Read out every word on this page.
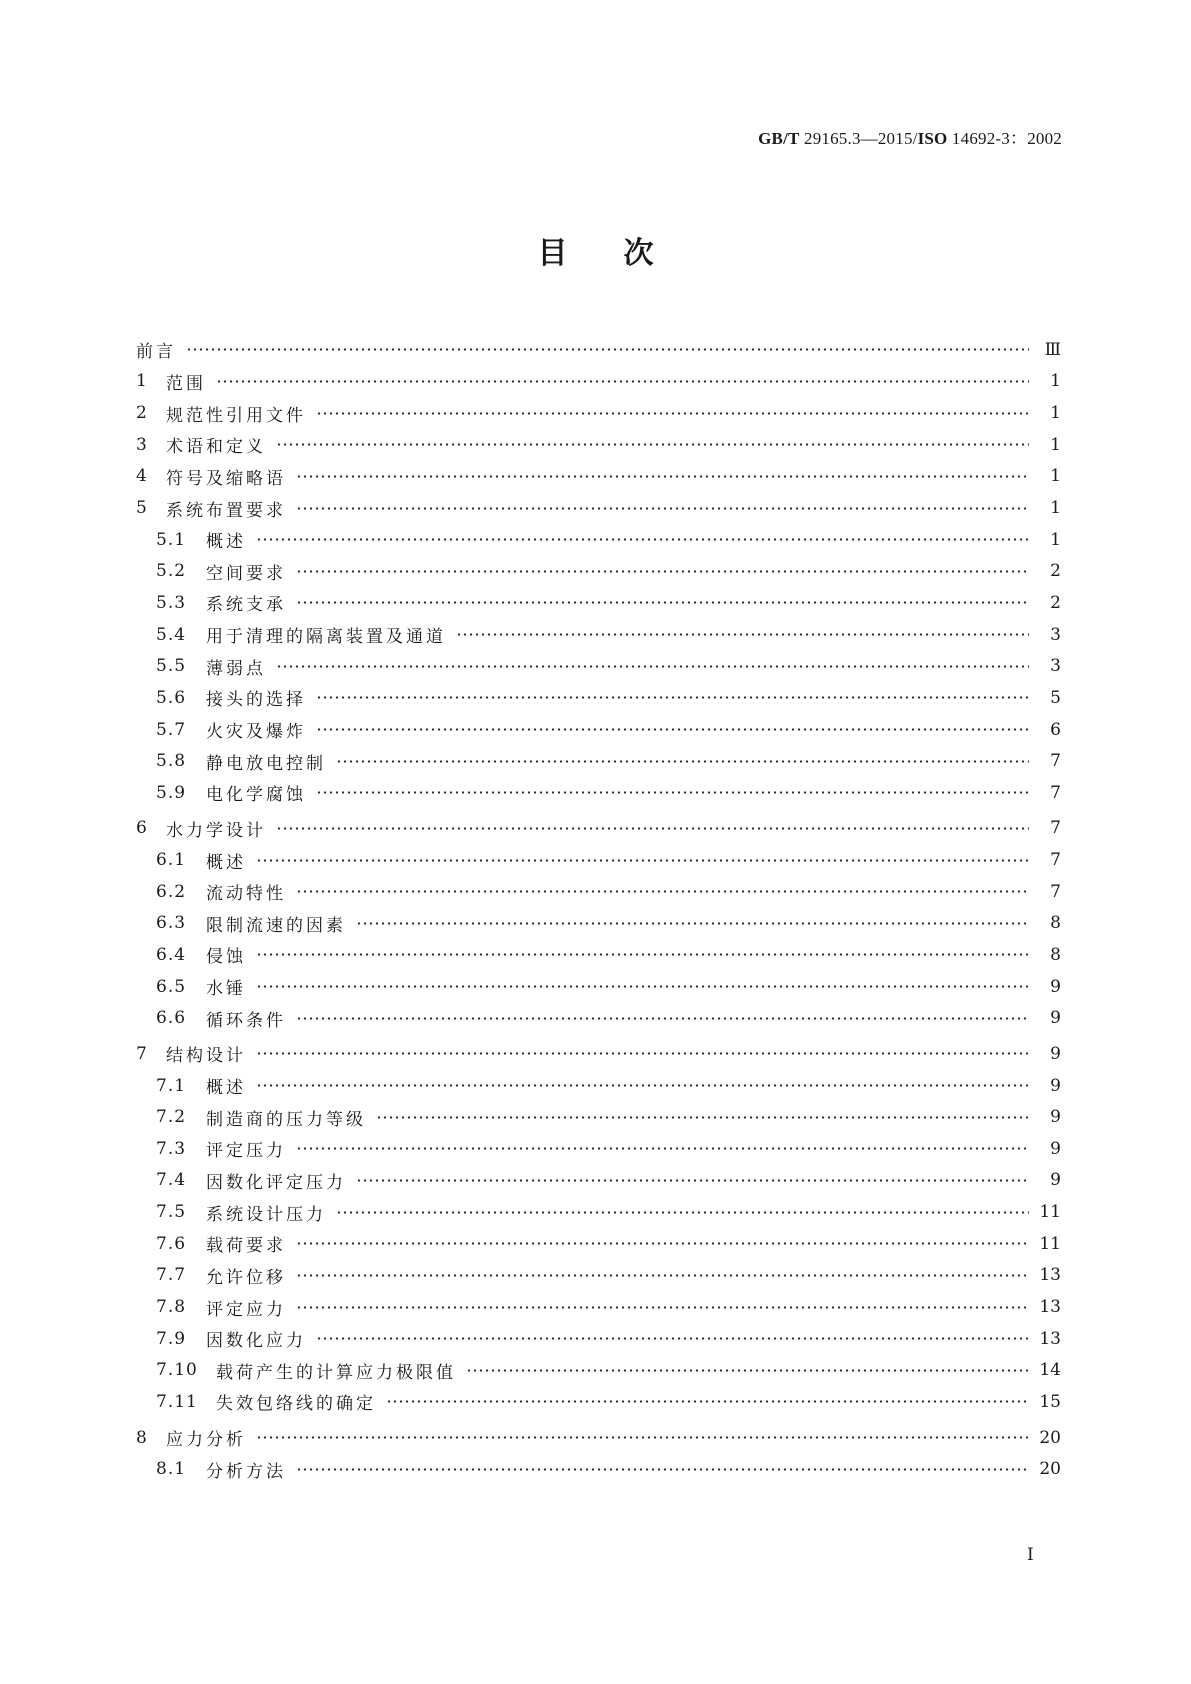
GB/T 29165.3—2015/ISO 14692-3：2002
目次
前言	Ⅲ
1	范围	1
2	规范性引用文件	1
3	术语和定义	1
4	符号及缩略语	1
5	系统布置要求	1
5.1	概述	1
5.2	空间要求	2
5.3	系统支承	2
5.4	用于清理的隔离装置及通道	3
5.5	薄弱点	3
5.6	接头的选择	5
5.7	火灾及爆炸	6
5.8	静电放电控制	7
5.9	电化学腐蚀	7
6	水力学设计	7
6.1	概述	7
6.2	流动特性	7
6.3	限制流速的因素	8
6.4	侵蚀	8
6.5	水锤	9
6.6	循环条件	9
7	结构设计	9
7.1	概述	9
7.2	制造商的压力等级	9
7.3	评定压力	9
7.4	因数化评定压力	9
7.5	系统设计压力	11
7.6	载荷要求	11
7.7	允许位移	13
7.8	评定应力	13
7.9	因数化应力	13
7.10	载荷产生的计算应力极限值	14
7.11	失效包络线的确定	15
8	应力分析	20
8.1	分析方法	20
Ⅰ
